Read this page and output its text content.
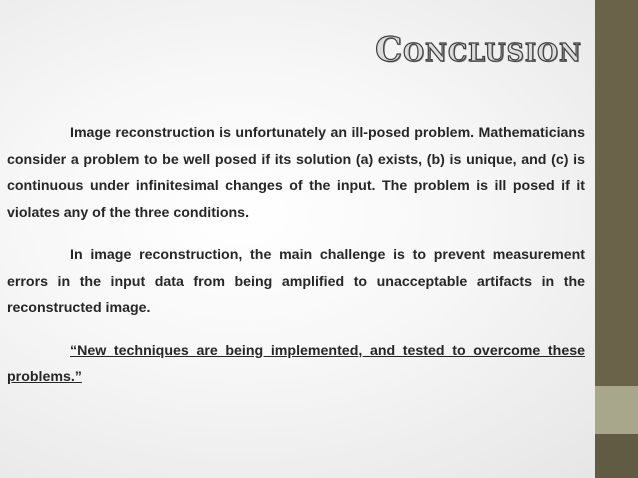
Conclusion

Image reconstruction is unfortunately an ill-posed problem. Mathematicians consider a problem to be well posed if its solution (a) exists, (b) is unique, and (c) is continuous under infinitesimal changes of the input. The problem is ill posed if it violates any of the three conditions.

In image reconstruction, the main challenge is to prevent measurement errors in the input data from being amplified to unacceptable artifacts in the reconstructed image.

“New techniques are being implemented, and tested to overcome these problems.”
